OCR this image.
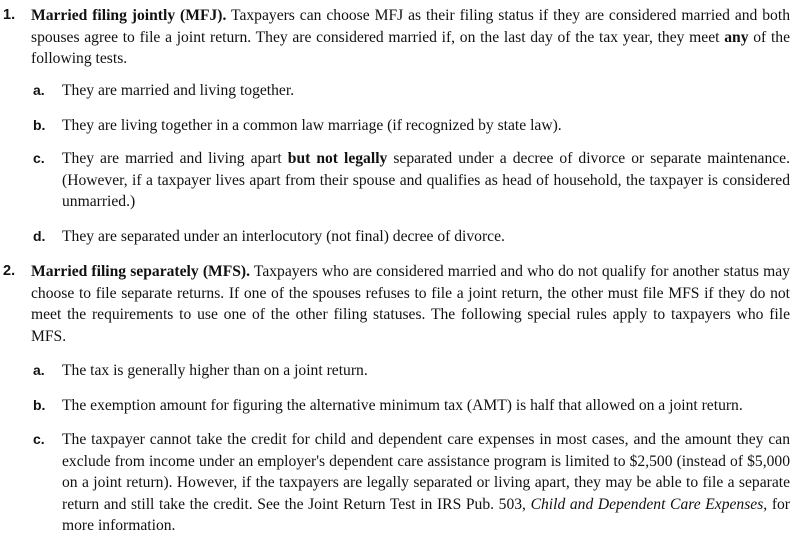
1. Married filing jointly (MFJ). Taxpayers can choose MFJ as their filing status if they are considered married and both spouses agree to file a joint return. They are considered married if, on the last day of the tax year, they meet any of the following tests.
a. They are married and living together.
b. They are living together in a common law marriage (if recognized by state law).
c. They are married and living apart but not legally separated under a decree of divorce or separate maintenance. (However, if a taxpayer lives apart from their spouse and qualifies as head of household, the taxpayer is considered unmarried.)
d. They are separated under an interlocutory (not final) decree of divorce.
2. Married filing separately (MFS). Taxpayers who are considered married and who do not qualify for another status may choose to file separate returns. If one of the spouses refuses to file a joint return, the other must file MFS if they do not meet the requirements to use one of the other filing statuses. The following special rules apply to taxpayers who file MFS.
a. The tax is generally higher than on a joint return.
b. The exemption amount for figuring the alternative minimum tax (AMT) is half that allowed on a joint return.
c. The taxpayer cannot take the credit for child and dependent care expenses in most cases, and the amount they can exclude from income under an employer's dependent care assistance program is limited to $2,500 (instead of $5,000 on a joint return). However, if the taxpayers are legally separated or living apart, they may be able to file a separate return and still take the credit. See the Joint Return Test in IRS Pub. 503, Child and Dependent Care Expenses, for more information.
